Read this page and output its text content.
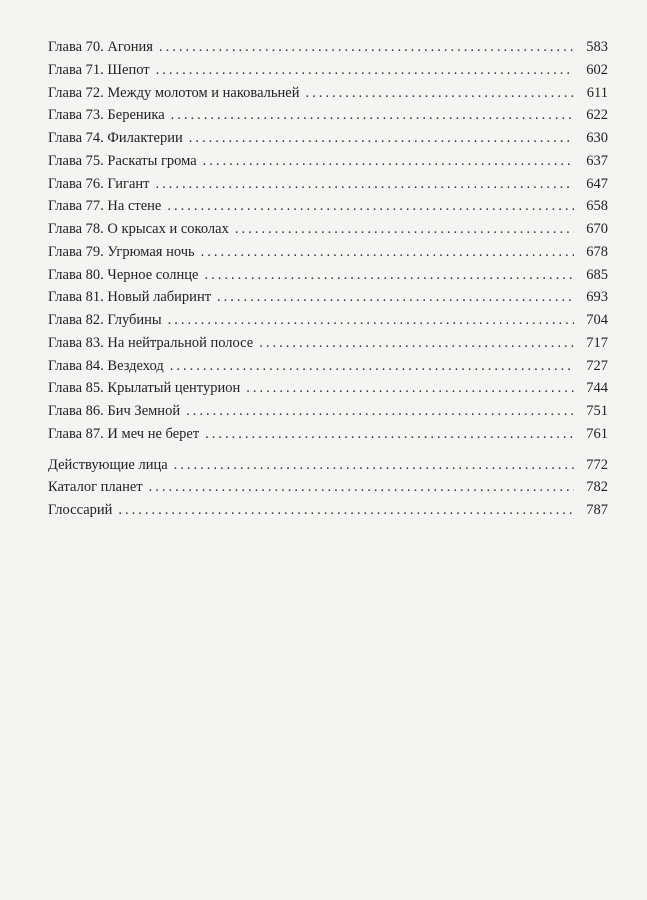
Глава 70. Агония .....	583
Глава 71. Шепот .....	602
Глава 72. Между молотом и наковальней .....	611
Глава 73. Береника .....	622
Глава 74. Филактерии .....	630
Глава 75. Раскаты грома .....	637
Глава 76. Гигант .....	647
Глава 77. На стене .....	658
Глава 78. О крысах и соколах .....	670
Глава 79. Угрюмая ночь .....	678
Глава 80. Черное солнце .....	685
Глава 81. Новый лабиринт .....	693
Глава 82. Глубины .....	704
Глава 83. На нейтральной полосе .....	717
Глава 84. Вездеход .....	727
Глава 85. Крылатый центурион .....	744
Глава 86. Бич Земной .....	751
Глава 87. И меч не берет .....	761
Действующие лица .....	772
Каталог планет .....	782
Глоссарий .....	787
